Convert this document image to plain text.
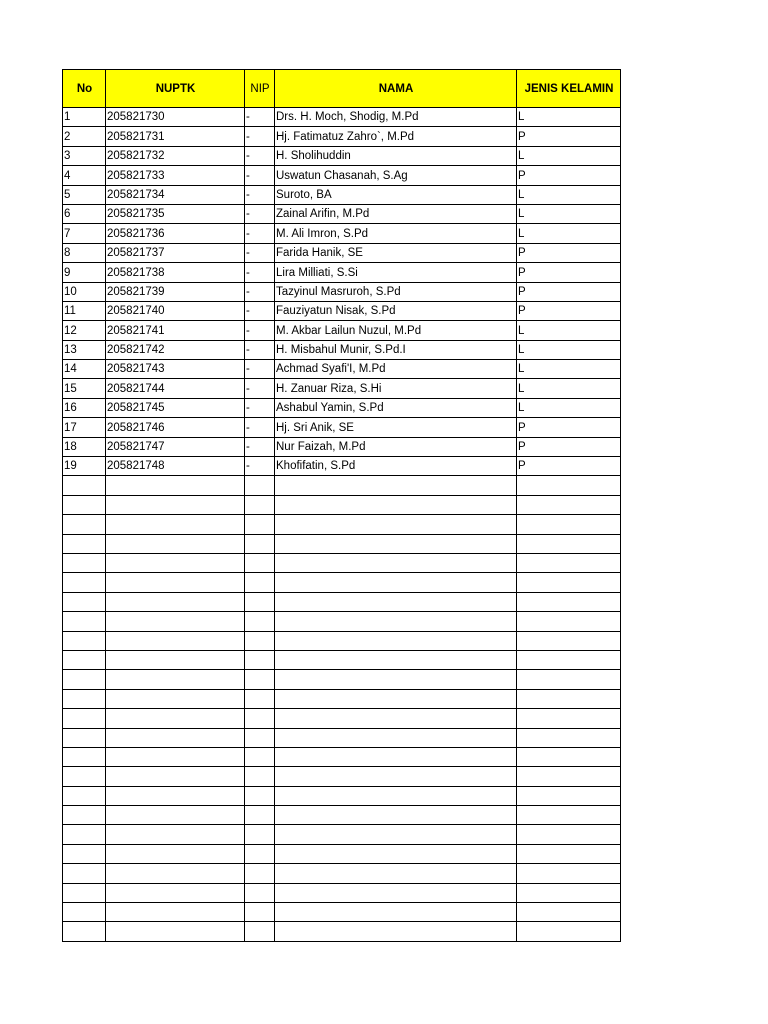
No	NUPTK	NIP	NAMA	JENIS KELAMIN
1	205821730	-	Drs. H. Moch, Shodig, M.Pd	L
2	205821731	-	Hj. Fatimatuz Zahro`, M.Pd	P
3	205821732	-	H. Sholihuddin	L
4	205821733	-	Uswatun Chasanah, S.Ag	P
5	205821734	-	Suroto, BA	L
6	205821735	-	Zainal Arifin, M.Pd	L
7	205821736	-	M. Ali Imron, S.Pd	L
8	205821737	-	Farida Hanik, SE	P
9	205821738	-	Lira Milliati, S.Si	P
10	205821739	-	Tazyinul Masruroh, S.Pd	P
11	205821740	-	Fauziyatun Nisak, S.Pd	P
12	205821741	-	M. Akbar Lailun Nuzul, M.Pd	L
13	205821742	-	H. Misbahul Munir, S.Pd.I	L
14	205821743	-	Achmad Syafi'I, M.Pd	L
15	205821744	-	H. Zanuar Riza, S.Hi	L
16	205821745	-	Ashabul Yamin, S.Pd	L
17	205821746	-	Hj. Sri Anik, SE	P
18	205821747	-	Nur Faizah, M.Pd	P
19	205821748	-	Khofifatin, S.Pd	P
